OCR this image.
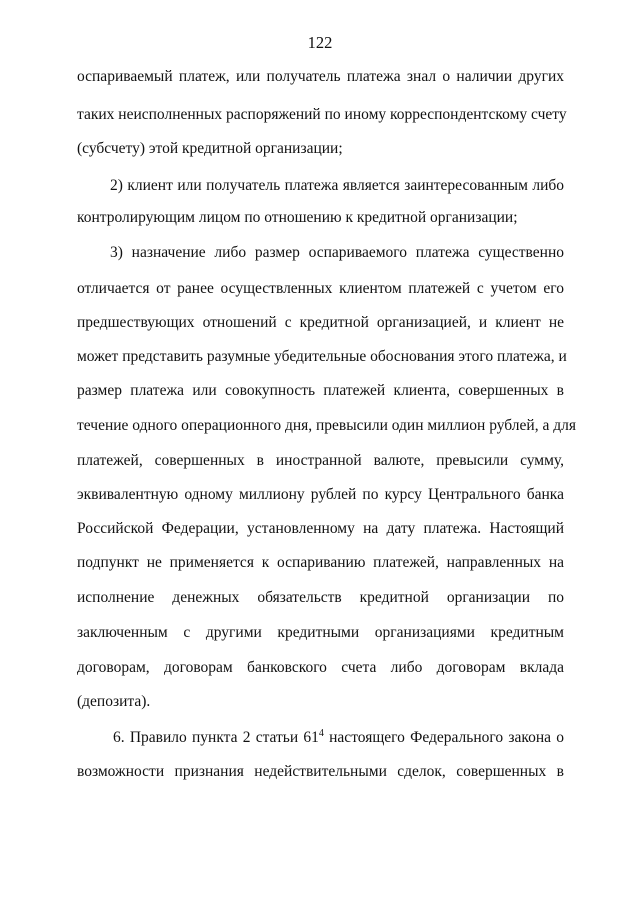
122
оспариваемый платеж, или получатель платежа знал о наличии других
таких неисполненных распоряжений по иному корреспондентскому счету
(субсчету) этой кредитной организации;
2) клиент или получатель платежа является заинтересованным либо
контролирующим лицом по отношению к кредитной организации;
3) назначение либо размер оспариваемого платежа существенно
отличается от ранее осуществленных клиентом платежей с учетом его
предшествующих отношений с кредитной организацией, и клиент не
может представить разумные убедительные обоснования этого платежа, и
размер платежа или совокупность платежей клиента, совершенных в
течение одного операционного дня, превысили один миллион рублей, а для
платежей, совершенных в иностранной валюте, превысили сумму,
эквивалентную одному миллиону рублей по курсу Центрального банка
Российской Федерации, установленному на дату платежа. Настоящий
подпункт не применяется к оспариванию платежей, направленных на
исполнение денежных обязательств кредитной организации по
заключенным с другими кредитными организациями кредитным
договорам, договорам банковского счета либо договорам вклада
(депозита).
6. Правило пункта 2 статьи $61^4$ настоящего Федерального закона о
возможности признания недействительными сделок, совершенных в
